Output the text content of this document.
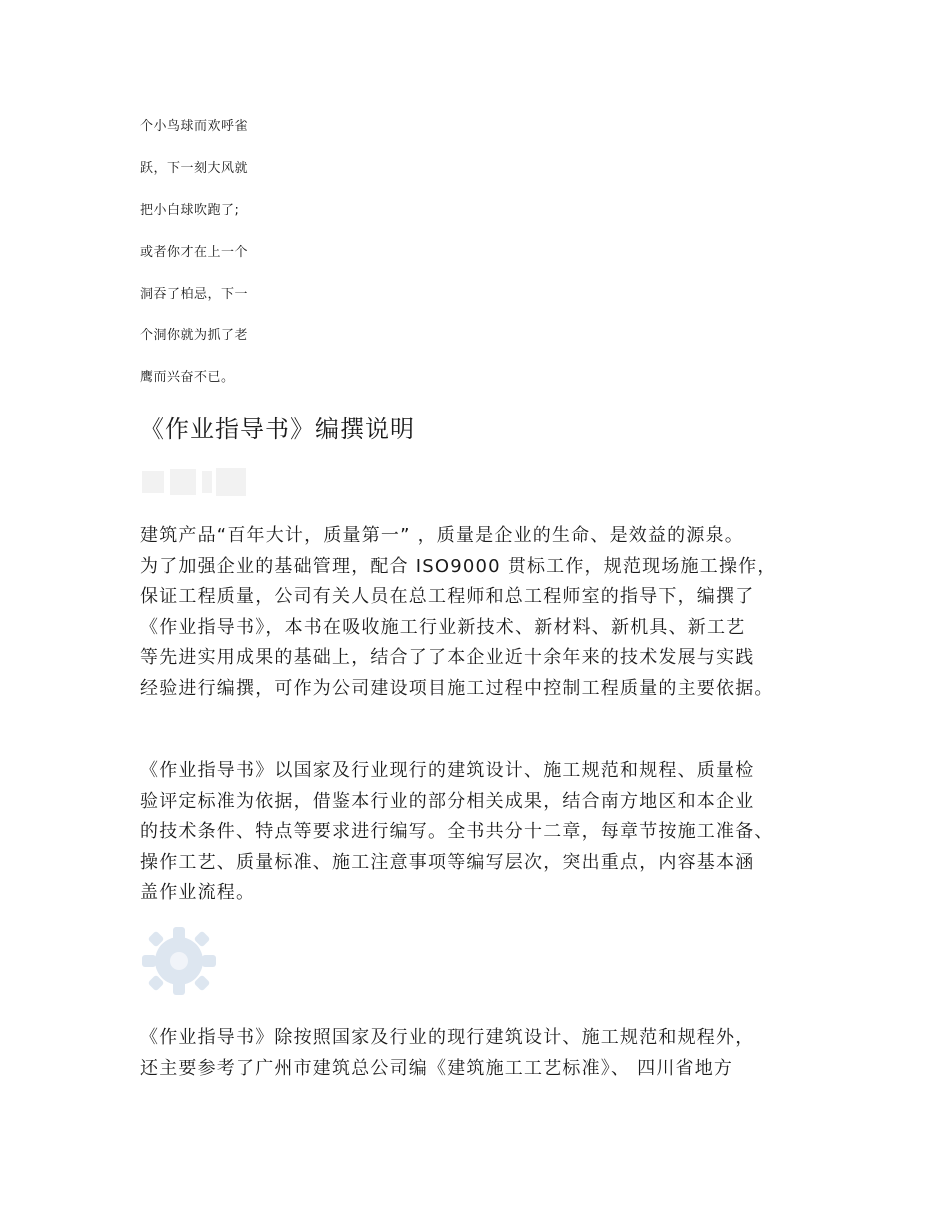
个小鸟球而欢呼雀
跃，下一刻大风就
把小白球吹跑了;
或者你才在上一个
洞吞了柏忌，下一
个洞你就为抓了老
鹰而兴奋不已。
《作业指导书》编撰说明
建筑产品“百年大计，质量第一” ，质量是企业的生命、是效益的源泉。
为了加强企业的基础管理，配合 ISO9000 贯标工作，规范现场施工操作，
保证工程质量，公司有关人员在总工程师和总工程师室的指导下，编撰了
《作业指导书》，本书在吸收施工行业新技术、新材料、新机具、新工艺
等先进实用成果的基础上，结合了了本企业近十余年来的技术发展与实践
经验进行编撰，可作为公司建设项目施工过程中控制工程质量的主要依据。
《作业指导书》以国家及行业现行的建筑设计、施工规范和规程、质量检
验评定标准为依据，借鉴本行业的部分相关成果，结合南方地区和本企业
的技术条件、特点等要求进行编写。全书共分十二章，每章节按施工准备、
操作工艺、质量标准、施工注意事项等编写层次，突出重点，内容基本涵
盖作业流程。
《作业指导书》除按照国家及行业的现行建筑设计、施工规范和规程外，
还主要参考了广州市建筑总公司编《建筑施工工艺标准》、 四川省地方
